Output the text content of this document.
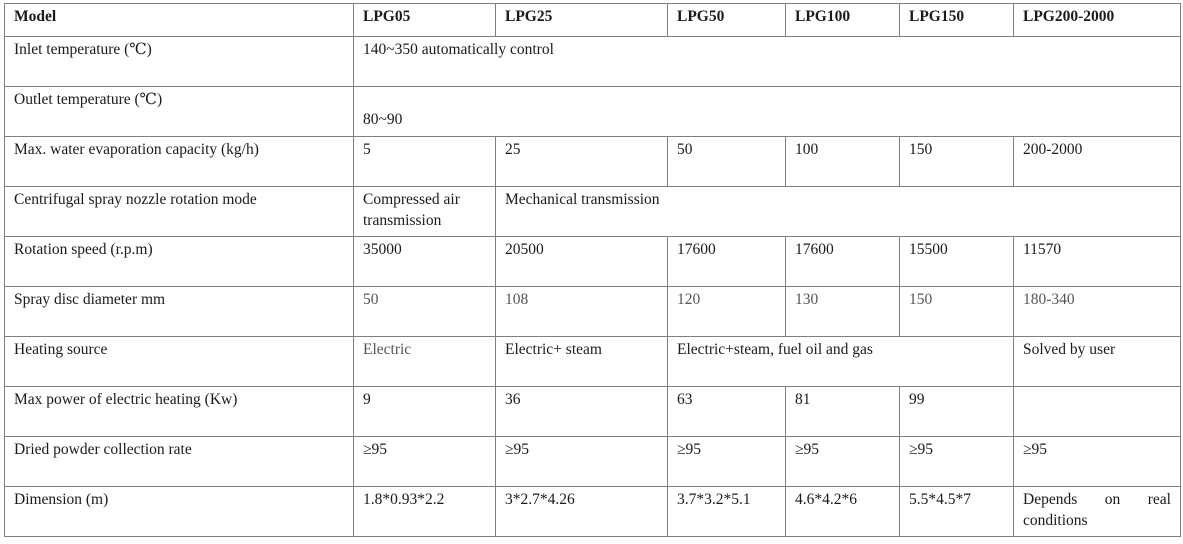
Model	LPG05	LPG25	LPG50	LPG100	LPG150	LPG200-2000
Inlet temperature (℃)	140~350 automatically control					
Outlet temperature (℃)	80~90					
Max. water evaporation capacity (kg/h)	5	25	50	100	150	200-2000
Centrifugal spray nozzle rotation mode	Compressed air transmission	Mechanical transmission				
Rotation speed (r.p.m)	35000	20500	17600	17600	15500	11570
Spray disc diameter mm	50	108	120	130	150	180-340
Heating source	Electric	Electric+ steam	Electric+steam, fuel oil and gas			Solved by user
Max power of electric heating (Kw)	9	36	63	81	99	
Dried powder collection rate	≥95	≥95	≥95	≥95	≥95	≥95
Dimension (m)	1.8*0.93*2.2	3*2.7*4.26	3.7*3.2*5.1	4.6*4.2*6	5.5*4.5*7	Depends on real
conditions
